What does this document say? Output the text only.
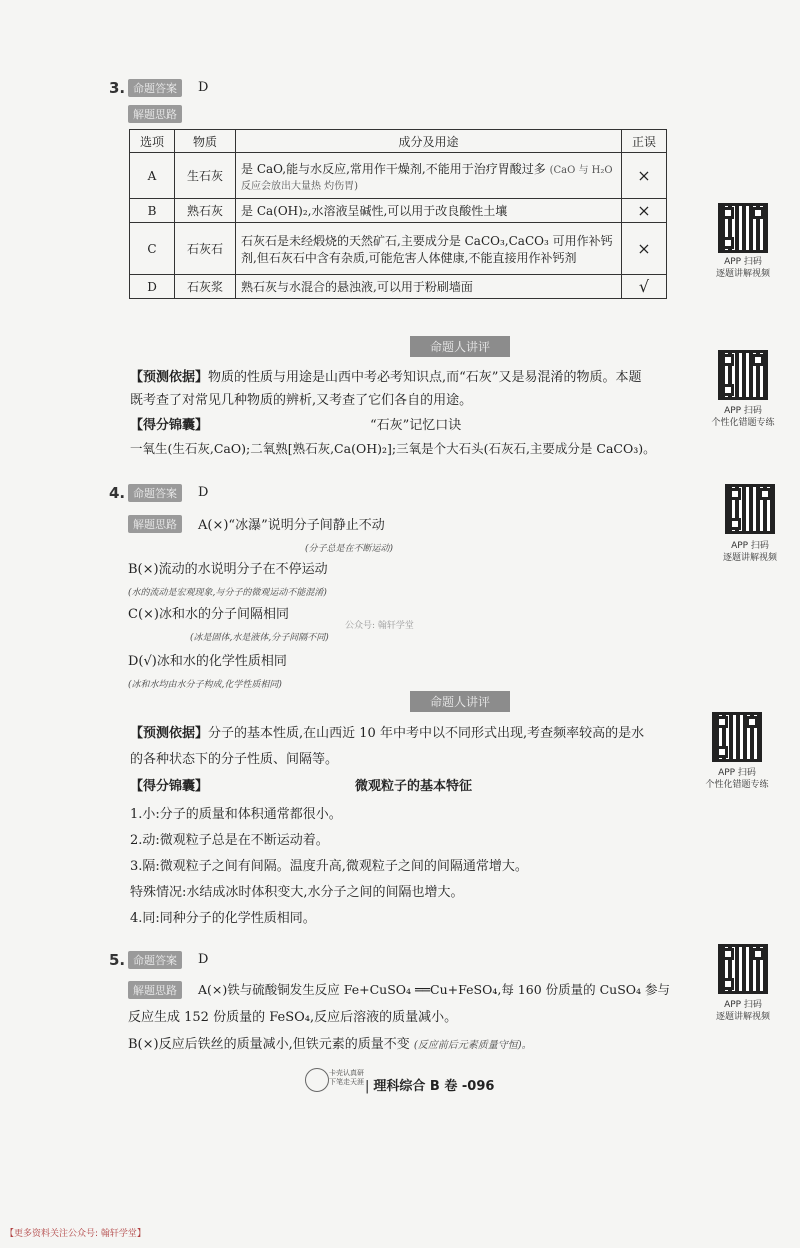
3. 命题答案	D
解题思路
选项	物质	成分及用途	正误
A	生石灰	是 CaO,能与水反应,常用作干燥剂,不能用于治疗胃酸过多 (CaO 与 H₂O 反应会放出大量热 灼伤胃)	×
B	熟石灰	是 Ca(OH)₂,水溶液呈碱性,可以用于改良酸性土壤	×
C	石灰石	石灰石是未经煅烧的天然矿石,主要成分是 CaCO₃,CaCO₃ 可用作补钙剂,但石灰石中含有杂质,可能危害人体健康,不能直接用作补钙剂	×
D	石灰浆	熟石灰与水混合的悬浊液,可以用于粉刷墙面	√
命题人讲评
【预测依据】物质的性质与用途是山西中考必考知识点,而“石灰”又是易混淆的物质。本题
既考查了对常见几种物质的辨析,又考查了它们各自的用途。
【得分锦囊】	“石灰”记忆口诀
一氧生(生石灰,CaO);二氧熟[熟石灰,Ca(OH)₂];三氧是个大石头(石灰石,主要成分是 CaCO₃)。
4. 命题答案	D
解题思路	A(×)“冰瀑”说明分子间静止不动
(分子总是在不断运动)
B(×)流动的水说明分子在不停运动
(水的流动是宏观现象,与分子的微观运动不能混淆)
C(×)冰和水的分子间隔相同
(冰是固体,水是液体,分子间隔不同)
公众号: 翰轩学堂
D(√)冰和水的化学性质相同
(冰和水均由水分子构成,化学性质相同)
命题人讲评
【预测依据】分子的基本性质,在山西近 10 年中考中以不同形式出现,考查频率较高的是水
的各种状态下的分子性质、间隔等。
【得分锦囊】	微观粒子的基本特征
1.小:分子的质量和体积通常都很小。
2.动:微观粒子总是在不断运动着。
3.隔:微观粒子之间有间隔。温度升高,微观粒子之间的间隔通常增大。
特殊情况:水结成冰时体积变大,水分子之间的间隔也增大。
4.同:同种分子的化学性质相同。
5. 命题答案	D
解题思路	A(×)铁与硫酸铜发生反应 Fe+CuSO₄ ══Cu+FeSO₄,每 160 份质量的 CuSO₄ 参与
反应生成 152 份质量的 FeSO₄,反应后溶液的质量减小。
B(×)反应后铁丝的质量减小,但铁元素的质量不变 (反应前后元素质量守恒)。
APP 扫码
逐题讲解视频
APP 扫码
个性化错题专练
APP 扫码
逐题讲解视频
APP 扫码
个性化错题专练
APP 扫码
逐题讲解视频
卡壳认真研 下笔走天涯 | 理科综合 B 卷 -096
【更多资料关注公众号: 翰轩学堂】
